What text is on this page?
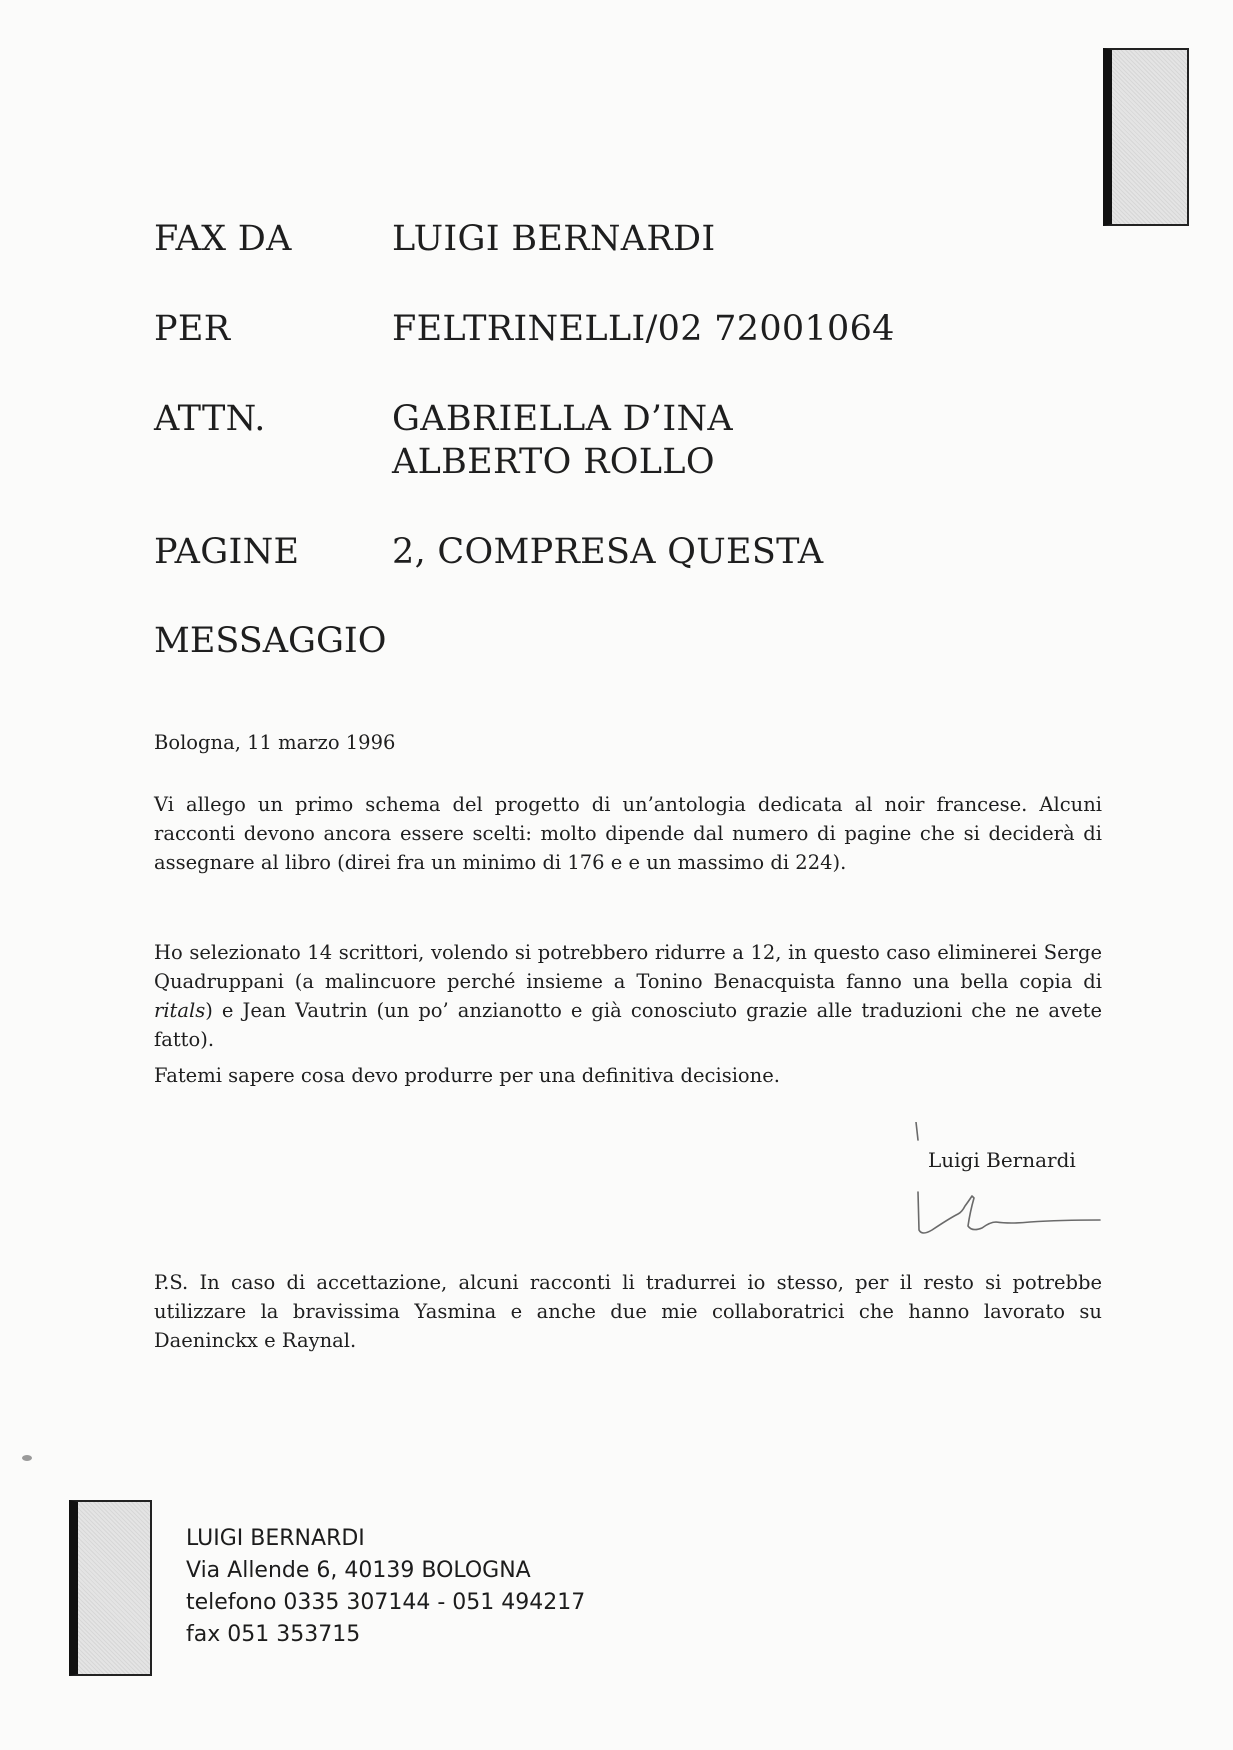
FAX DA	LUIGI BERNARDI
PER	FELTRINELLI/02 72001064
ATTN.	GABRIELLA D’INA
ALBERTO ROLLO
PAGINE	2, COMPRESA QUESTA
MESSAGGIO
Bologna, 11 marzo 1996
Vi allego un primo schema del progetto di un’antologia dedicata al noir francese. Alcuni racconti devono ancora essere scelti: molto dipende dal numero di pagine che si deciderà di assegnare al libro (direi fra un minimo di 176 e e un massimo di 224).
Ho selezionato 14 scrittori, volendo si potrebbero ridurre a 12, in questo caso eliminerei Serge Quadruppani (a malincuore perché insieme a Tonino Benacquista fanno una bella copia di ritals) e Jean Vautrin (un po’ anzianotto e già conosciuto grazie alle traduzioni che ne avete fatto).
Fatemi sapere cosa devo produrre per una definitiva decisione.
Luigi Bernardi
P.S. In caso di accettazione, alcuni racconti li tradurrei io stesso, per il resto si potrebbe utilizzare la bravissima Yasmina e anche due mie collaboratrici che hanno lavorato su Daeninckx e Raynal.
LUIGI BERNARDI
Via Allende 6, 40139 BOLOGNA
telefono 0335 307144 - 051 494217
fax 051 353715
